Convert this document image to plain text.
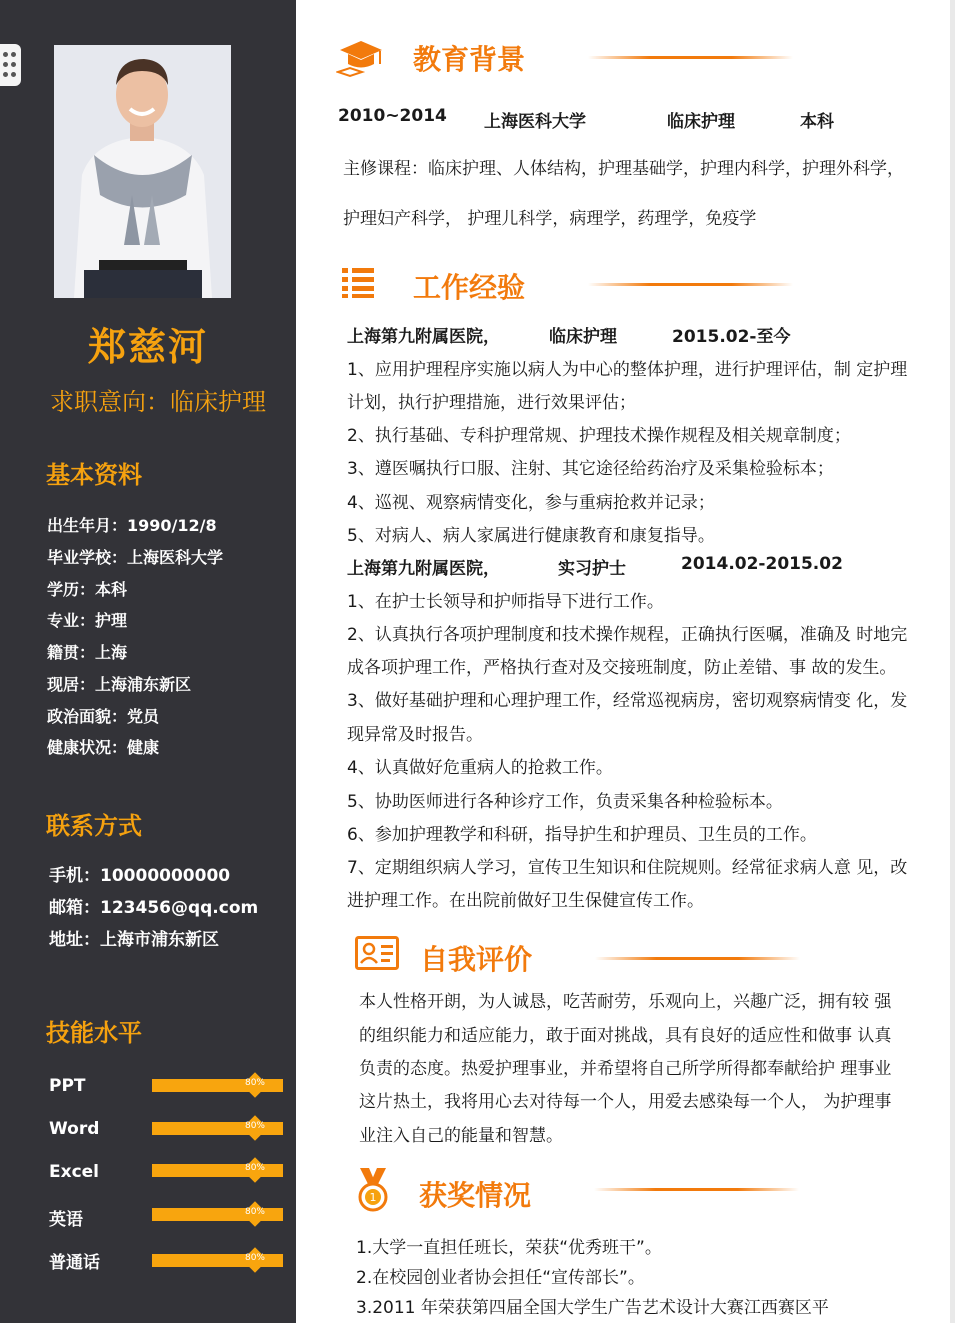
郑慈河
求职意向：临床护理
基本资料
出生年月：1990/12/8
毕业学校：上海医科大学
学历：本科
专业：护理
籍贯：上海
现居：上海浦东新区
政治面貌：党员
健康状况：健康
联系方式
手机：10000000000
邮箱：123456@qq.com
地址：上海市浦东新区
技能水平
PPT	80%
Word	80%
Excel	80%
英语	80%
普通话	80%
教育背景
2010~2014 上海医科大学	临床护理	本科
主修课程：临床护理、人体结构，护理基础学，护理内科学，护理外科学，
护理妇产科学， 护理儿科学，病理学，药理学，免疫学
工作经验
上海第九附属医院，	临床护理	2015.02-至今
1、应用护理程序实施以病人为中心的整体护理，进行护理评估，制 定护理
计划，执行护理措施，进行效果评估；
2、执行基础、专科护理常规、护理技术操作规程及相关规章制度；
3、遵医嘱执行口服、注射、其它途径给药治疗及采集检验标本；
4、巡视、观察病情变化，参与重病抢救并记录；
5、对病人、病人家属进行健康教育和康复指导。
上海第九附属医院，	实习护士	2014.02-2015.02
1、在护士长领导和护师指导下进行工作。
2、认真执行各项护理制度和技术操作规程，正确执行医嘱，准确及 时地完
成各项护理工作，严格执行查对及交接班制度，防止差错、事 故的发生。
3、做好基础护理和心理护理工作，经常巡视病房，密切观察病情变 化，发
现异常及时报告。
4、认真做好危重病人的抢救工作。
5、协助医师进行各种诊疗工作，负责采集各种检验标本。
6、参加护理教学和科研，指导护生和护理员、卫生员的工作。
7、定期组织病人学习，宣传卫生知识和住院规则。经常征求病人意 见，改
进护理工作。在出院前做好卫生保健宣传工作。
自我评价
本人性格开朗，为人诚恳，吃苦耐劳，乐观向上，兴趣广泛，拥有较 强
的组织能力和适应能力，敢于面对挑战，具有良好的适应性和做事 认真
负责的态度。热爱护理事业，并希望将自己所学所得都奉献给护 理事业
这片热土，我将用心去对待每一个人，用爱去感染每一个人， 为护理事
业注入自己的能量和智慧。
1 获奖情况
1.大学一直担任班长，荣获“优秀班干”。
2.在校园创业者协会担任“宣传部长”。
3.2011 年荣获第四届全国大学生广告艺术设计大赛江西赛区平
